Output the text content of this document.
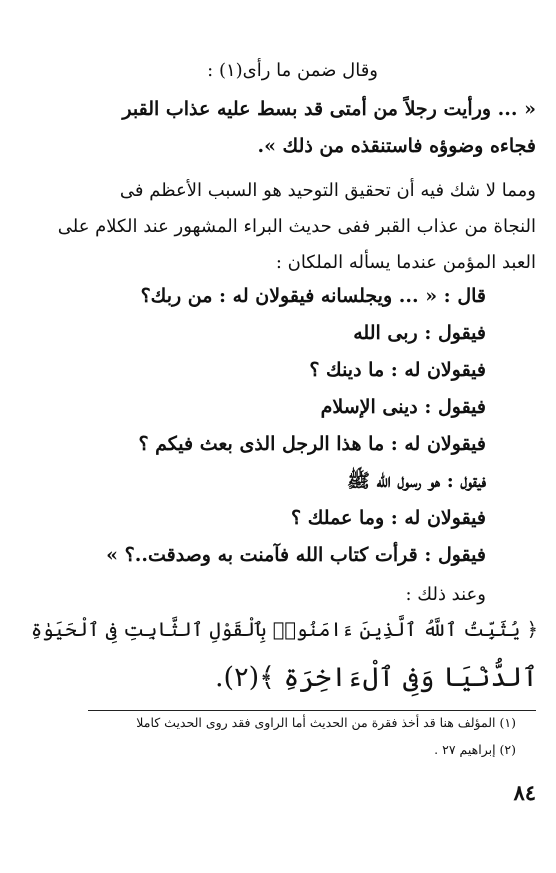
وقال ضمن ما رأى(١) :
« ... ورأيت رجلاً من أمتى قد بسط عليه عذاب القبر
فجاءه وضوؤه فاستنقذه من ذلك ».
ومما لا شك فيه أن تحقيق التوحيد هو السبب الأعظم فى
النجاة من عذاب القبر ففى حديث البراء المشهور عند الكلام على
العبد المؤمن عندما يسأله الملكان :
قال : « ... ويجلسانه فيقولان له : من ربك؟
فيقول : ربى الله
فيقولان له : ما دينك ؟
فيقول : دينى الإسلام
فيقولان له : ما هذا الرجل الذى بعث فيكم ؟
فيقول : هو رسول الله ﷺ
فيقولان له : وما عملك ؟
فيقول : قرأت كتاب الله فآمنت به وصدقت..؟ »
وعند ذلك :
﴿ يُثَبِّتُ ٱللَّهُ ٱلَّذِينَ ءَامَنُوا۟ بِٱلْقَوْلِ ٱلثَّابِتِ فِى ٱلْحَيَوٰةِ
ٱلدُّنْيَا وَفِى ٱلْءَاخِرَةِ ﴾(٢).
(١) المؤلف هنا قد أخذ فقرة من الحديث أما الراوى فقد روى الحديث كاملا
(٢) إبراهيم ٢٧ .
٨٤
